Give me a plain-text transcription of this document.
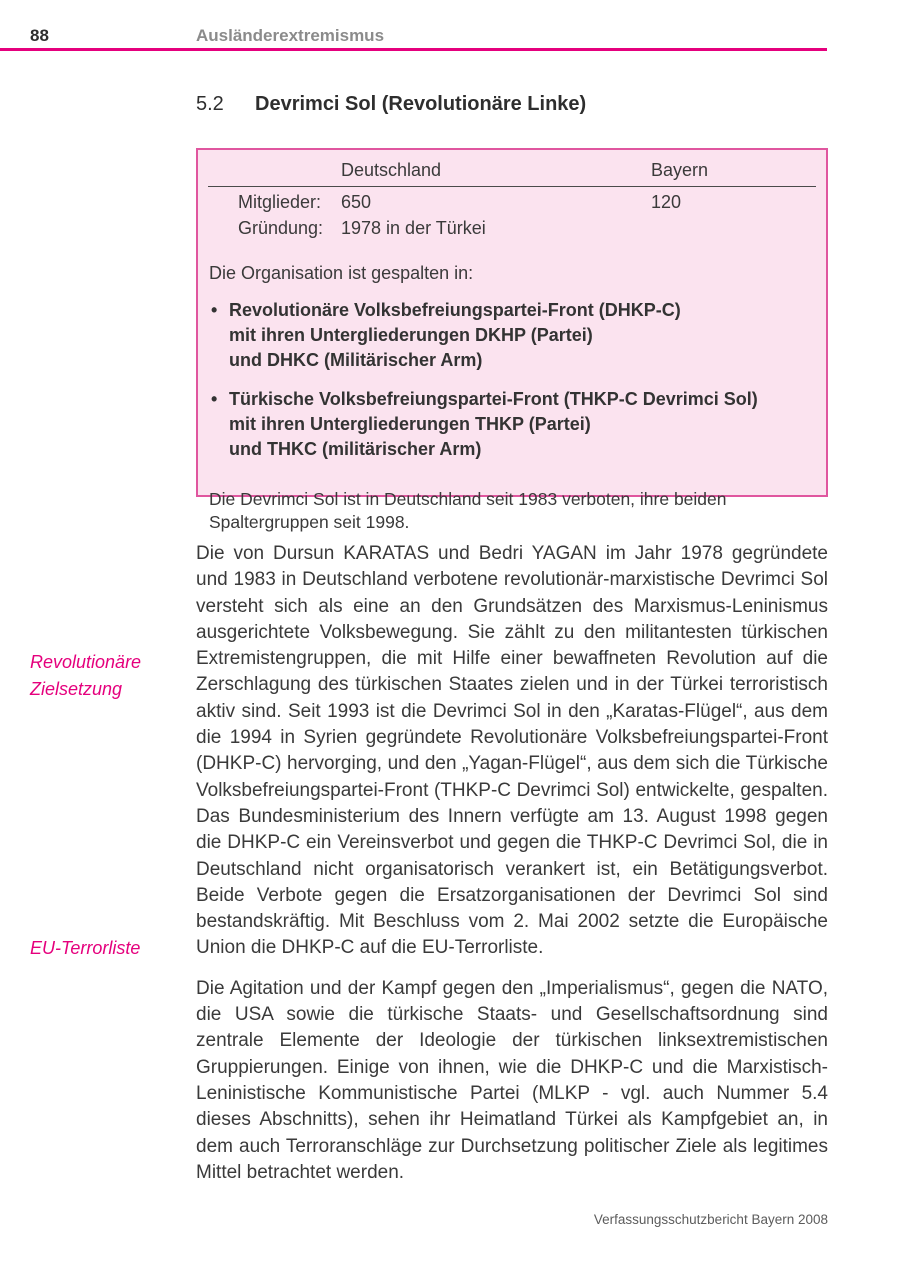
88	Ausländerextremismus
5.2	Devrimci Sol (Revolutionäre Linke)
Deutschland	Bayern
Mitglieder:	650	120
Gründung: 1978 in der Türkei
Die Organisation ist gespalten in:
• Revolutionäre Volksbefreiungspartei-Front (DHKP-C)
mit ihren Untergliederungen DKHP (Partei)
und DHKC (Militärischer Arm)
• Türkische Volksbefreiungspartei-Front (THKP-C Devrimci Sol)
mit ihren Untergliederungen THKP (Partei)
und THKC (militärischer Arm)
Die Devrimci Sol ist in Deutschland seit 1983 verboten, ihre beiden Spaltergruppen seit 1998.
Revolutionäre Zielsetzung
EU-Terrorliste

Die von Dursun KARATAS und Bedri YAGAN im Jahr 1978 gegründete und 1983 in Deutschland verbotene revolutionär-marxistische Devrimci Sol versteht sich als eine an den Grundsätzen des Marxismus-Leninismus ausgerichtete Volksbewegung. Sie zählt zu den militantesten türkischen Extremistengruppen, die mit Hilfe einer bewaffneten Revolution auf die Zerschlagung des türkischen Staates zielen und in der Türkei terroristisch aktiv sind. Seit 1993 ist die Devrimci Sol in den „Karatas-Flügel“, aus dem die 1994 in Syrien gegründete Revolutionäre Volksbefreiungspartei-Front (DHKP-C) hervorging, und den „Yagan-Flügel“, aus dem sich die Türkische Volksbefreiungspartei-Front (THKP-C Devrimci Sol) entwickelte, gespalten. Das Bundesministerium des Innern verfügte am 13. August 1998 gegen die DHKP-C ein Vereinsverbot und gegen die THKP-C Devrimci Sol, die in Deutschland nicht organisatorisch verankert ist, ein Betätigungsverbot. Beide Verbote gegen die Ersatzorganisationen der Devrimci Sol sind bestandskräftig. Mit Beschluss vom 2. Mai 2002 setzte die Europäische Union die DHKP-C auf die EU-Terrorliste.

Die Agitation und der Kampf gegen den „Imperialismus“, gegen die NATO, die USA sowie die türkische Staats- und Gesellschaftsordnung sind zentrale Elemente der Ideologie der türkischen linksextremistischen Gruppierungen. Einige von ihnen, wie die DHKP-C und die Marxistisch-Leninistische Kommunistische Partei (MLKP - vgl. auch Nummer 5.4 dieses Abschnitts), sehen ihr Heimatland Türkei als Kampfgebiet an, in dem auch Terroranschläge zur Durchsetzung politischer Ziele als legitimes Mittel betrachtet werden.

Verfassungsschutzbericht Bayern 2008
